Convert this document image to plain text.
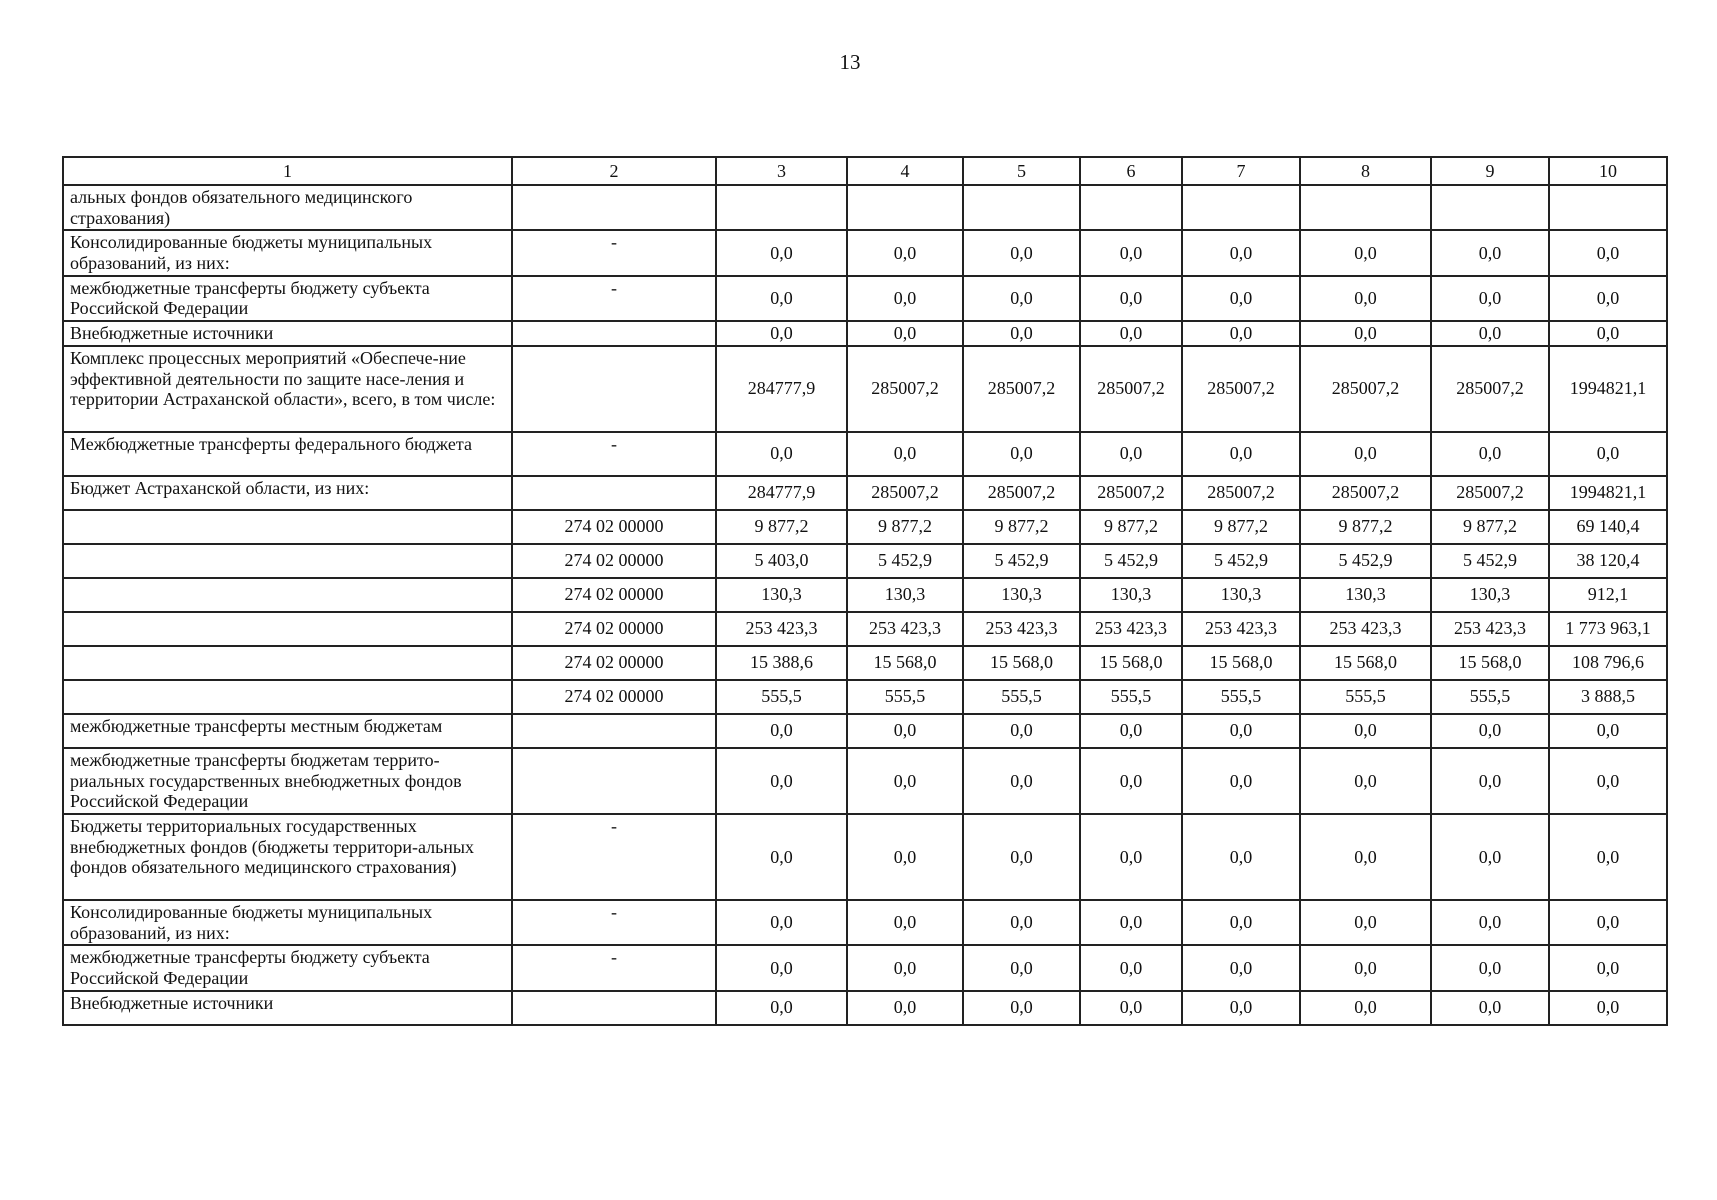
13
1	2	3	4	5	6	7	8	9	10
альных фондов обязательного медицинского страхования)									
Консолидированные бюджеты муниципальных образований, из них:	-	0,0	0,0	0,0	0,0	0,0	0,0	0,0	0,0
межбюджетные трансферты бюджету субъекта Российской Федерации	-	0,0	0,0	0,0	0,0	0,0	0,0	0,0	0,0
Внебюджетные источники		0,0	0,0	0,0	0,0	0,0	0,0	0,0	0,0
Комплекс процессных мероприятий «Обеспече-ние эффективной деятельности по защите насе-ления и территории Астраханской области», всего, в том числе:		284777,9	285007,2	285007,2	285007,2	285007,2	285007,2	285007,2	1994821,1
Межбюджетные трансферты федерального бюджета	-	0,0	0,0	0,0	0,0	0,0	0,0	0,0	0,0
Бюджет Астраханской области, из них:		284777,9	285007,2	285007,2	285007,2	285007,2	285007,2	285007,2	1994821,1
	274 02 00000	9 877,2	9 877,2	9 877,2	9 877,2	9 877,2	9 877,2	9 877,2	69 140,4
	274 02 00000	5 403,0	5 452,9	5 452,9	5 452,9	5 452,9	5 452,9	5 452,9	38 120,4
	274 02 00000	130,3	130,3	130,3	130,3	130,3	130,3	130,3	912,1
	274 02 00000	253 423,3	253 423,3	253 423,3	253 423,3	253 423,3	253 423,3	253 423,3	1 773 963,1
	274 02 00000	15 388,6	15 568,0	15 568,0	15 568,0	15 568,0	15 568,0	15 568,0	108 796,6
	274 02 00000	555,5	555,5	555,5	555,5	555,5	555,5	555,5	3 888,5
межбюджетные трансферты местным бюджетам		0,0	0,0	0,0	0,0	0,0	0,0	0,0	0,0
межбюджетные трансферты бюджетам террито-риальных государственных внебюджетных фондов Российской Федерации		0,0	0,0	0,0	0,0	0,0	0,0	0,0	0,0
Бюджеты территориальных государственных внебюджетных фондов (бюджеты территори-альных фондов обязательного медицинского страхования)	-	0,0	0,0	0,0	0,0	0,0	0,0	0,0	0,0
Консолидированные бюджеты муниципальных образований, из них:	-	0,0	0,0	0,0	0,0	0,0	0,0	0,0	0,0
межбюджетные трансферты бюджету субъекта Российской Федерации	-	0,0	0,0	0,0	0,0	0,0	0,0	0,0	0,0
Внебюджетные источники		0,0	0,0	0,0	0,0	0,0	0,0	0,0	0,0
